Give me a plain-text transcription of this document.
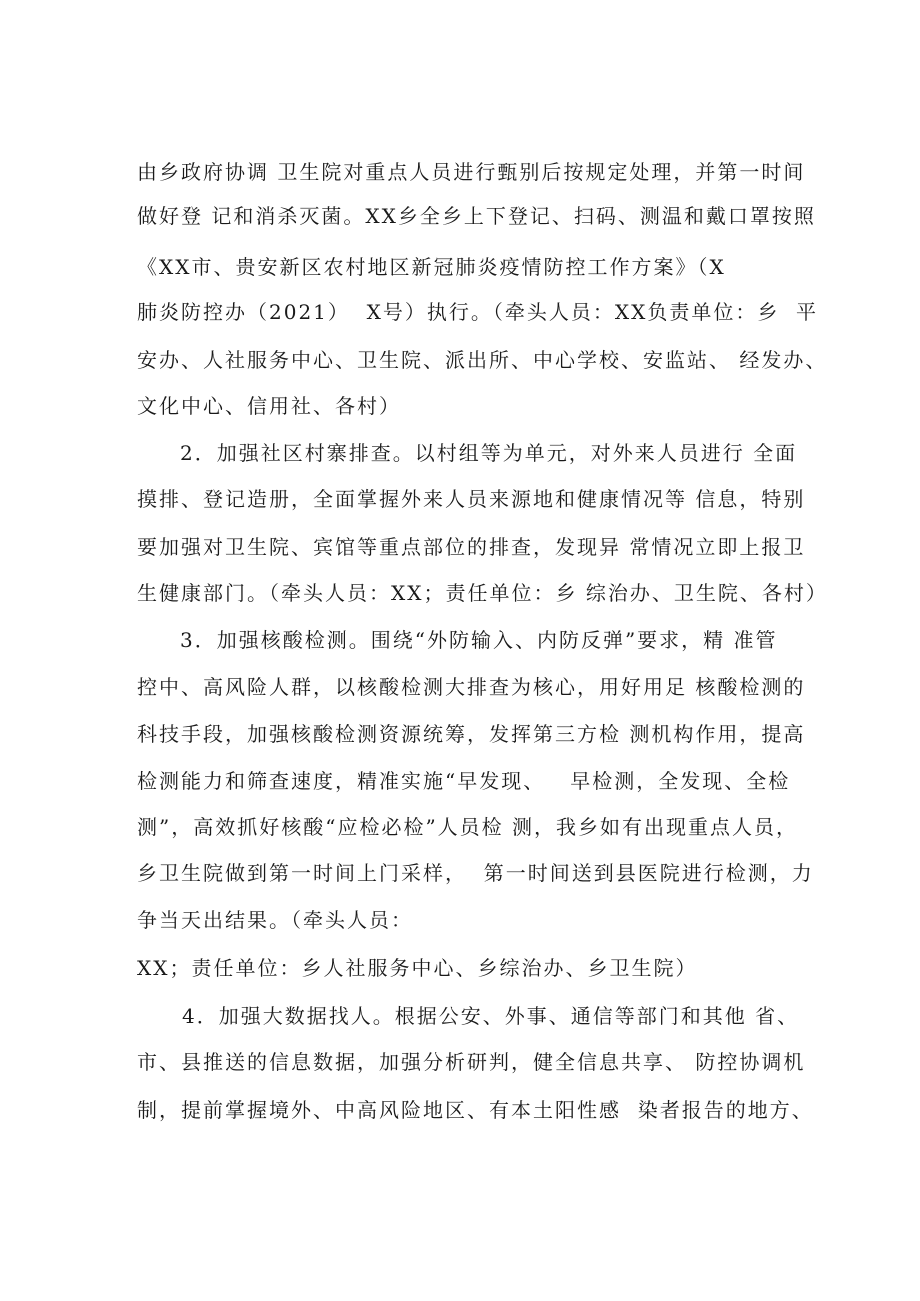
由乡政府协调 卫生院对重点人员进行甄别后按规定处理，并第一时间
做好登 记和消杀灭菌。XX乡全乡上下登记、扫码、测温和戴口罩按照
《XX市、贵安新区农村地区新冠肺炎疫情防控工作方案》（X
肺炎防控办（2021）  X号）执行。（牵头人员：XX负责单位：乡  平
安办、人社服务中心、卫生院、派出所、中心学校、安监站、 经发办、
文化中心、信用社、各村）
2．加强社区村寨排查。以村组等为单元，对外来人员进行 全面
摸排、登记造册，全面掌握外来人员来源地和健康情况等 信息，特别
要加强对卫生院、宾馆等重点部位的排查，发现异 常情况立即上报卫
生健康部门。（牵头人员：XX；责任单位：乡 综治办、卫生院、各村）
3．加强核酸检测。围绕“外防输入、内防反弹”要求，精 准管
控中、高风险人群，以核酸检测大排查为核心，用好用足 核酸检测的
科技手段，加强核酸检测资源统筹，发挥第三方检 测机构作用，提高
检测能力和筛查速度，精准实施“早发现、   早检测，全发现、全检
测”，高效抓好核酸“应检必检”人员检 测，我乡如有出现重点人员，
乡卫生院做到第一时间上门采样，  第一时间送到县医院进行检测，力
争当天出结果。（牵头人员：
XX；责任单位：乡人社服务中心、乡综治办、乡卫生院）
4．加强大数据找人。根据公安、外事、通信等部门和其他 省、
市、县推送的信息数据，加强分析研判，健全信息共享、 防控协调机
制，提前掌握境外、中高风险地区、有本土阳性感  染者报告的地方、
